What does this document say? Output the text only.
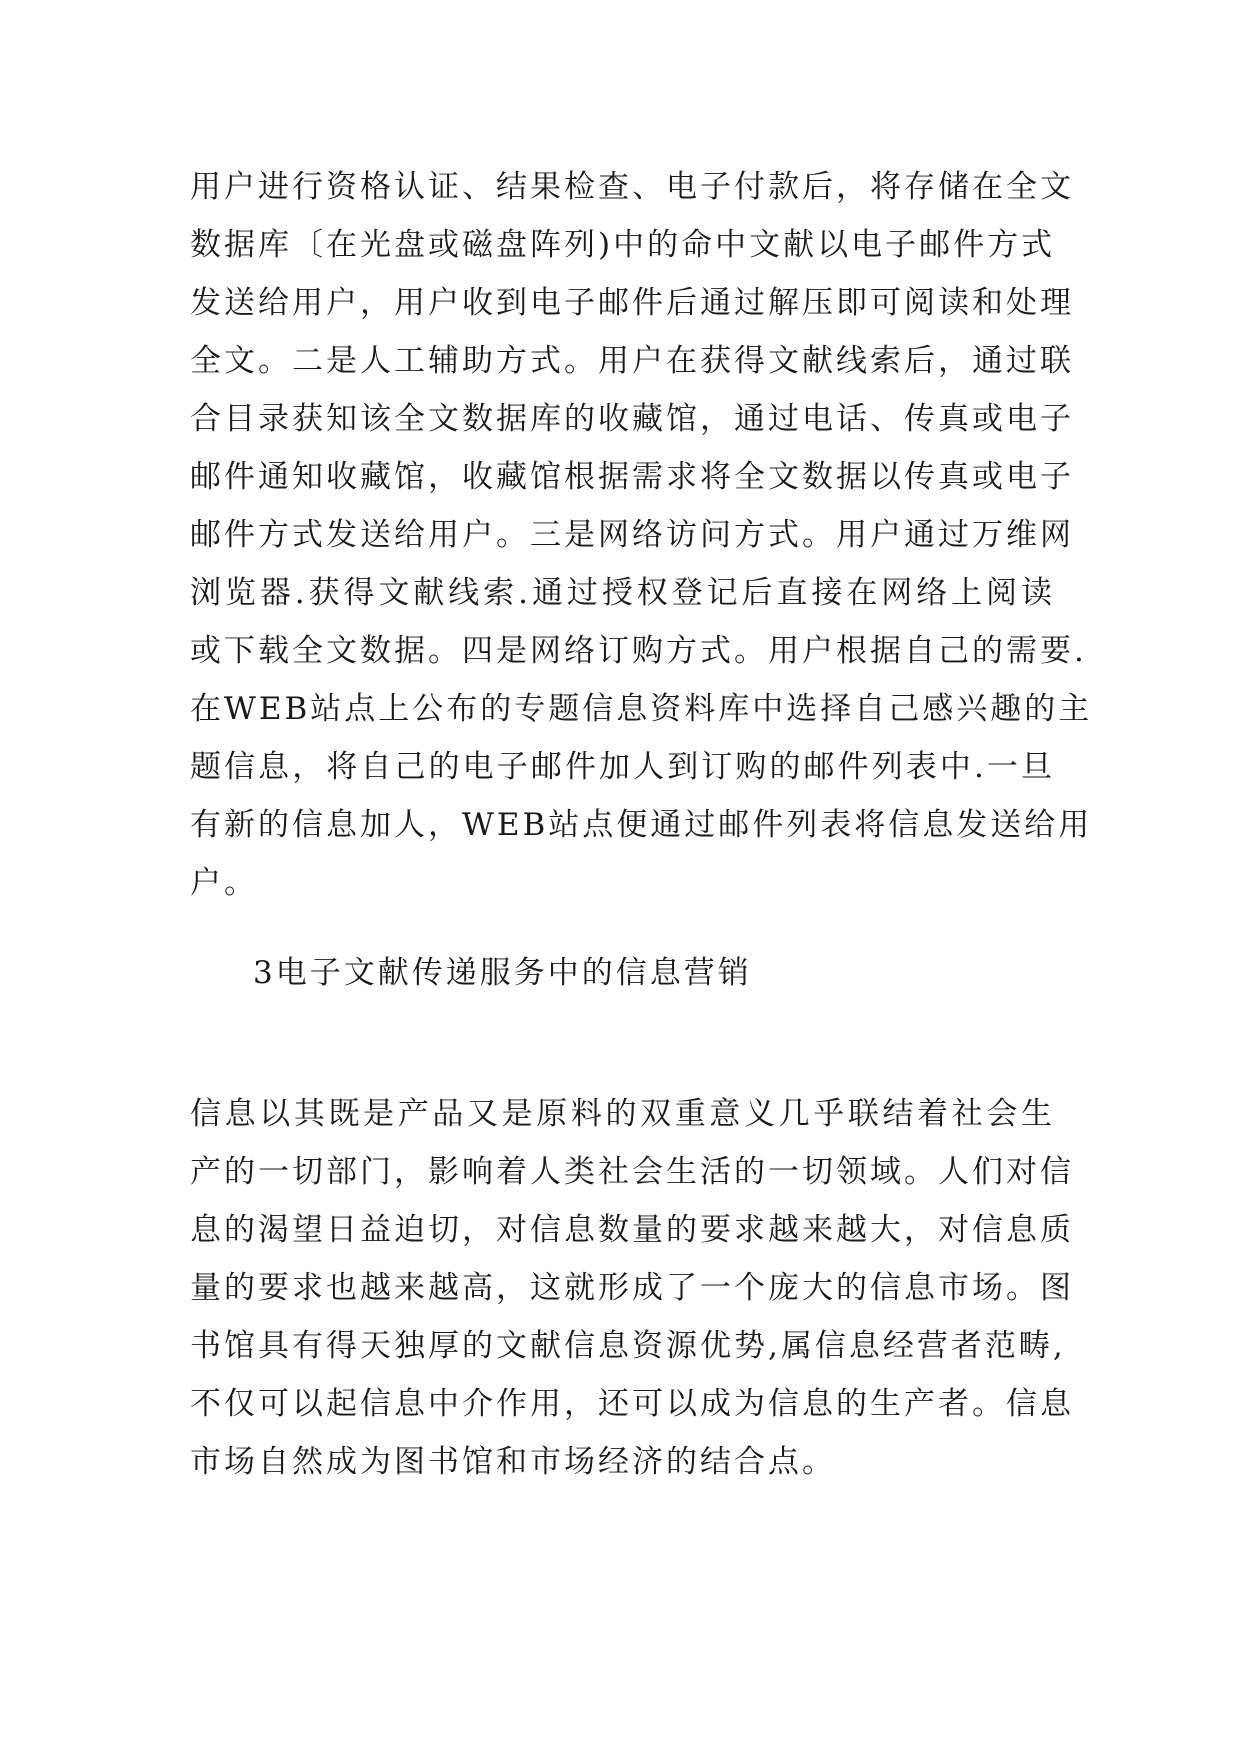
用户进行资格认证、结果检查、电子付款后，将存储在全文
数据库〔在光盘或磁盘阵列)中的命中文献以电子邮件方式
发送给用户，用户收到电子邮件后通过解压即可阅读和处理
全文。二是人工辅助方式。用户在获得文献线索后，通过联
合目录获知该全文数据库的收藏馆，通过电话、传真或电子
邮件通知收藏馆，收藏馆根据需求将全文数据以传真或电子
邮件方式发送给用户。三是网络访问方式。用户通过万维网
浏览器.获得文献线索.通过授权登记后直接在网络上阅读
或下载全文数据。四是网络订购方式。用户根据自己的需要.
在WEB站点上公布的专题信息资料库中选择自己感兴趣的主
题信息，将自己的电子邮件加人到订购的邮件列表中.一旦
有新的信息加人，WEB站点便通过邮件列表将信息发送给用
户。
3电子文献传递服务中的信息营销
信息以其既是产品又是原料的双重意义几乎联结着社会生
产的一切部门，影响着人类社会生活的一切领域。人们对信
息的渴望日益迫切，对信息数量的要求越来越大，对信息质
量的要求也越来越高，这就形成了一个庞大的信息市场。图
书馆具有得天独厚的文献信息资源优势,属信息经营者范畴,
不仅可以起信息中介作用，还可以成为信息的生产者。信息
市场自然成为图书馆和市场经济的结合点。
